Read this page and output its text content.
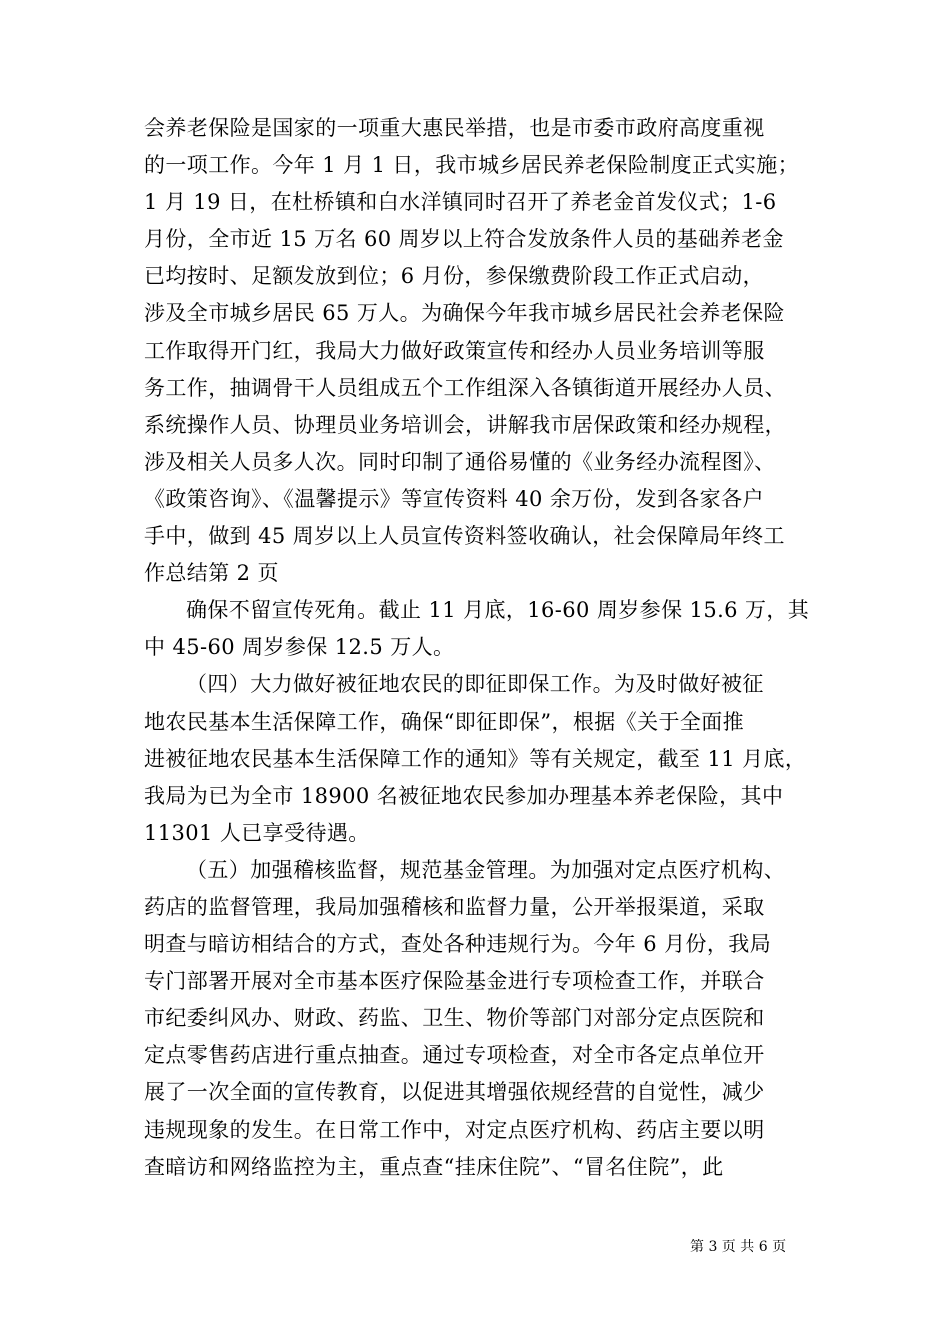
会养老保险是国家的一项重大惠民举措，也是市委市政府高度重视
的一项工作。今年 1 月 1 日，我市城乡居民养老保险制度正式实施；
1 月 19 日，在杜桥镇和白水洋镇同时召开了养老金首发仪式；1-6
月份，全市近 15 万名 60 周岁以上符合发放条件人员的基础养老金
已均按时、足额发放到位；6 月份，参保缴费阶段工作正式启动，
涉及全市城乡居民 65 万人。为确保今年我市城乡居民社会养老保险
工作取得开门红，我局大力做好政策宣传和经办人员业务培训等服
务工作，抽调骨干人员组成五个工作组深入各镇街道开展经办人员、
系统操作人员、协理员业务培训会，讲解我市居保政策和经办规程，
涉及相关人员多人次。同时印制了通俗易懂的《业务经办流程图》、
《政策咨询》、《温馨提示》等宣传资料 40 余万份，发到各家各户
手中，做到 45 周岁以上人员宣传资料签收确认，社会保障局年终工
作总结第 2 页
确保不留宣传死角。截止 11 月底，16-60 周岁参保 15.6 万，其
中 45-60 周岁参保 12.5 万人。
（四）大力做好被征地农民的即征即保工作。为及时做好被征
地农民基本生活保障工作，确保“即征即保”，根据《关于全面推
进被征地农民基本生活保障工作的通知》等有关规定，截至 11 月底，
我局为已为全市 18900 名被征地农民参加办理基本养老保险，其中
11301 人已享受待遇。
（五）加强稽核监督，规范基金管理。为加强对定点医疗机构、
药店的监督管理，我局加强稽核和监督力量，公开举报渠道，采取
明查与暗访相结合的方式，查处各种违规行为。今年 6 月份，我局
专门部署开展对全市基本医疗保险基金进行专项检查工作，并联合
市纪委纠风办、财政、药监、卫生、物价等部门对部分定点医院和
定点零售药店进行重点抽查。通过专项检查，对全市各定点单位开
展了一次全面的宣传教育，以促进其增强依规经营的自觉性，减少
违规现象的发生。在日常工作中，对定点医疗机构、药店主要以明
查暗访和网络监控为主，重点查“挂床住院”、“冒名住院”，此
第 3 页 共 6 页
